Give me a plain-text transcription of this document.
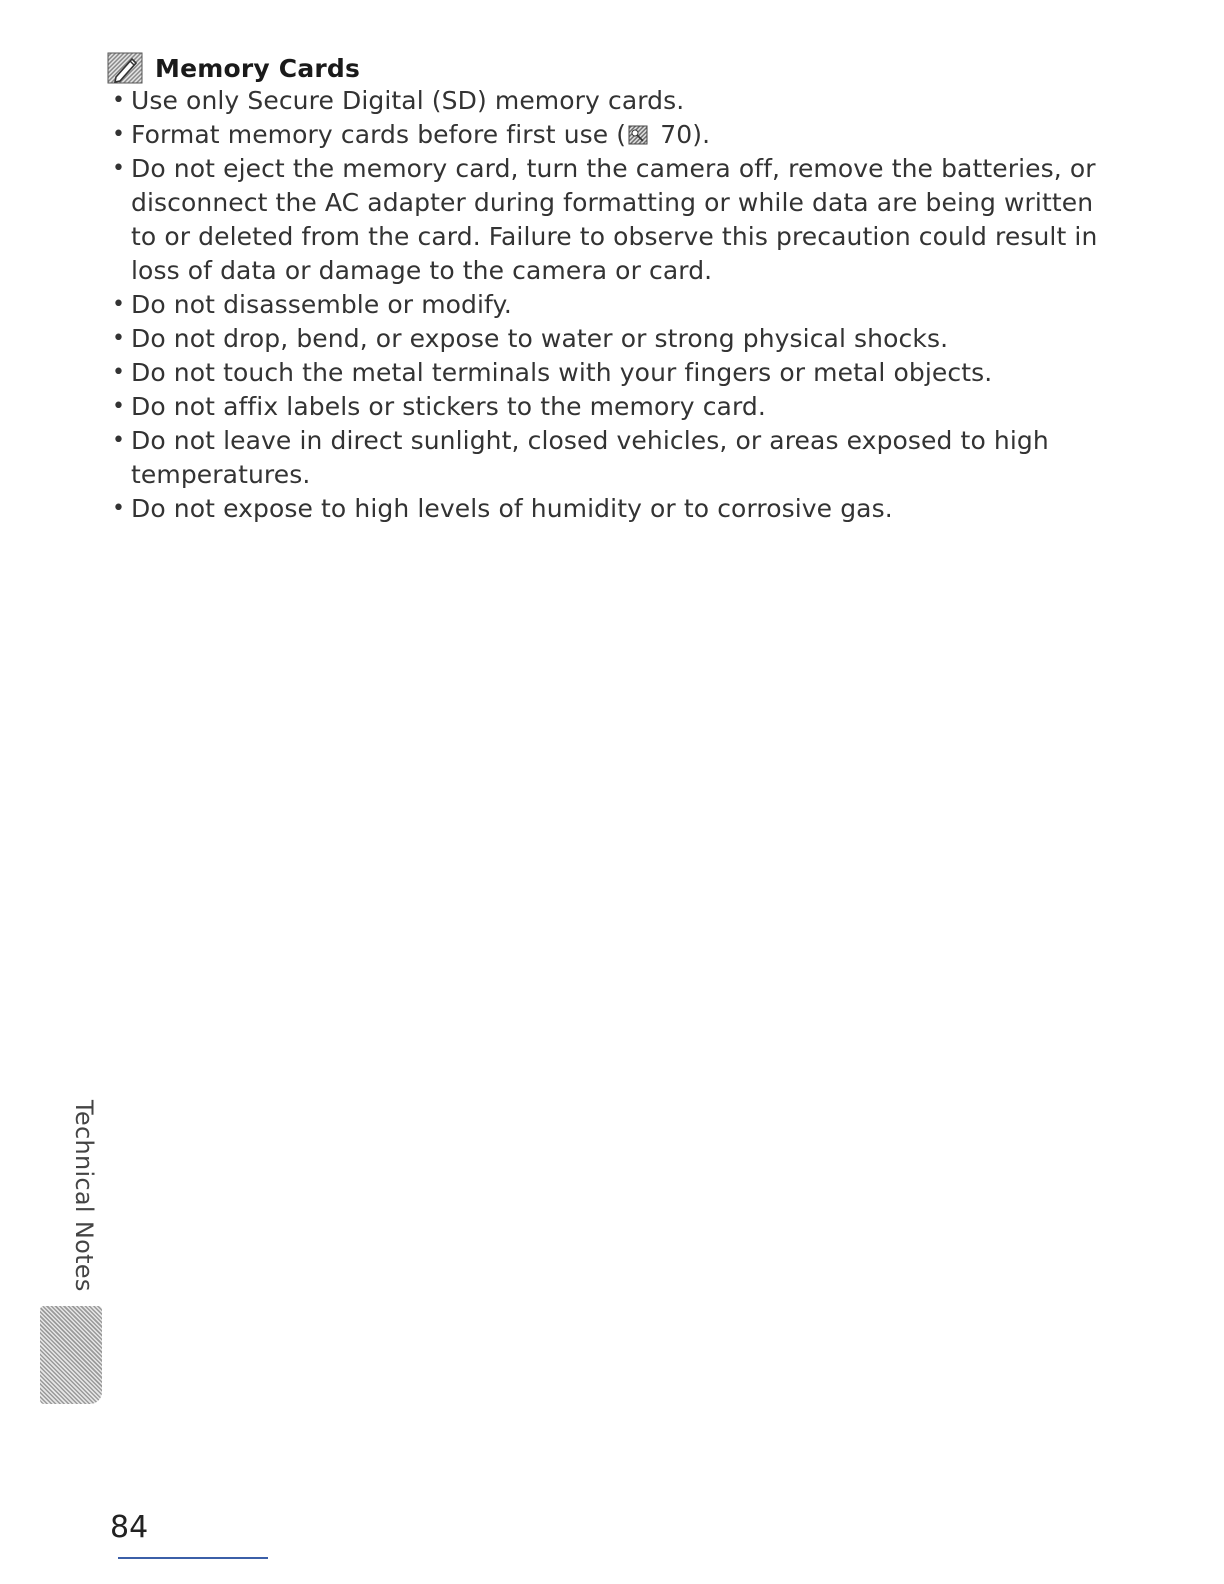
Memory Cards
• Use only Secure Digital (SD) memory cards.
• Format memory cards before first use ( 70).
• Do not eject the memory card, turn the camera off, remove the batteries, or disconnect the AC adapter during formatting or while data are being written to or deleted from the card. Failure to observe this precaution could result in loss of data or damage to the camera or card.
• Do not disassemble or modify.
• Do not drop, bend, or expose to water or strong physical shocks.
• Do not touch the metal terminals with your fingers or metal objects.
• Do not affix labels or stickers to the memory card.
• Do not leave in direct sunlight, closed vehicles, or areas exposed to high temperatures.
• Do not expose to high levels of humidity or to corrosive gas.
Technical Notes
84
